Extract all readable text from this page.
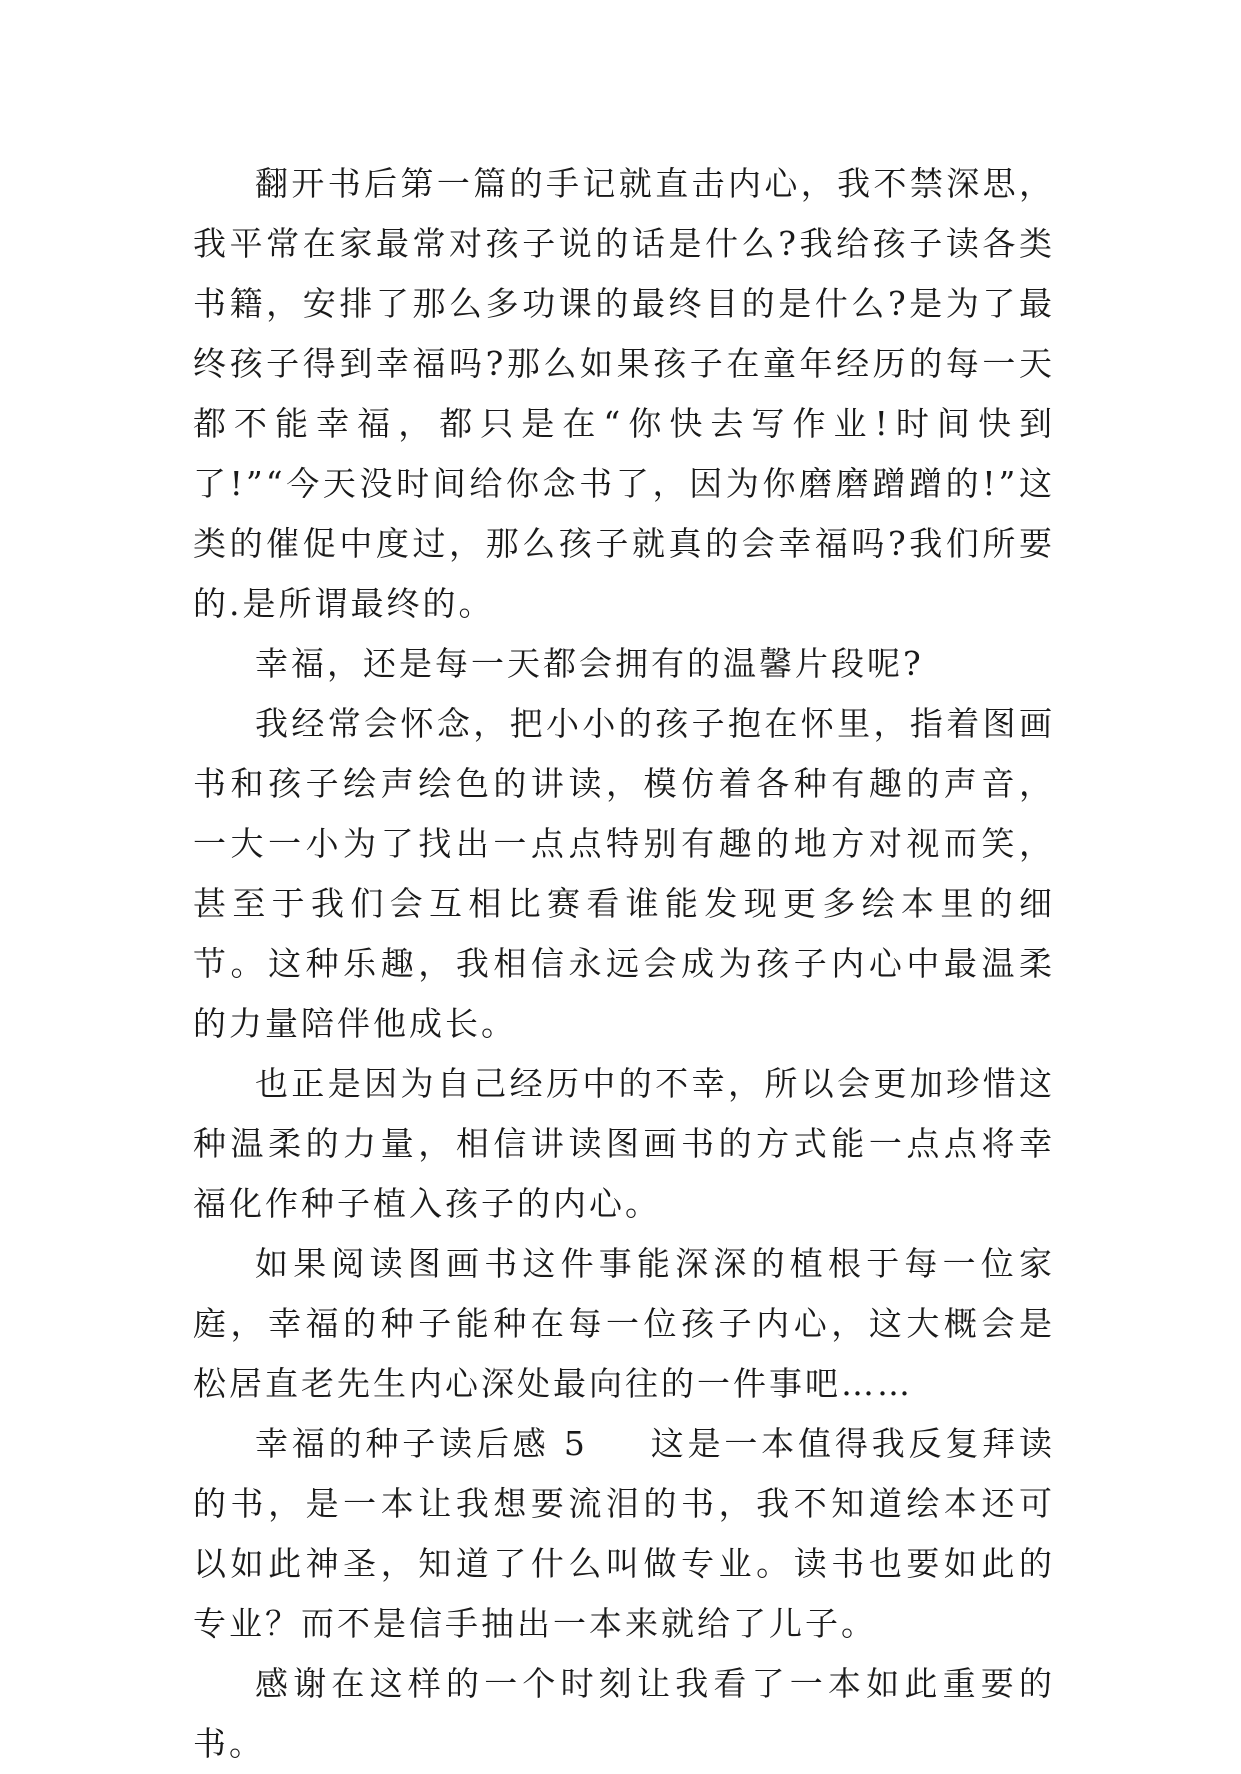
翻开书后第一篇的手记就直击内心，我不禁深思，我平常在家最常对孩子说的话是什么?我给孩子读各类书籍，安排了那么多功课的最终目的是什么?是为了最终孩子得到幸福吗?那么如果孩子在童年经历的每一天都不能幸福，都只是在“你快去写作业!时间快到了!”“今天没时间给你念书了，因为你磨磨蹭蹭的!”这类的催促中度过，那么孩子就真的会幸福吗?我们所要的.是所谓最终的。

幸福，还是每一天都会拥有的温馨片段呢?

我经常会怀念，把小小的孩子抱在怀里，指着图画书和孩子绘声绘色的讲读，模仿着各种有趣的声音，一大一小为了找出一点点特别有趣的地方对视而笑，甚至于我们会互相比赛看谁能发现更多绘本里的细节。这种乐趣，我相信永远会成为孩子内心中最温柔的力量陪伴他成长。

也正是因为自己经历中的不幸，所以会更加珍惜这种温柔的力量，相信讲读图画书的方式能一点点将幸福化作种子植入孩子的内心。

如果阅读图画书这件事能深深的植根于每一位家庭，幸福的种子能种在每一位孩子内心，这大概会是松居直老先生内心深处最向往的一件事吧……

幸福的种子读后感 5 这是一本值得我反复拜读的书，是一本让我想要流泪的书，我不知道绘本还可以如此神圣，知道了什么叫做专业。读书也要如此的专业？而不是信手抽出一本来就给了儿子。

感谢在这样的一个时刻让我看了一本如此重要的书。
